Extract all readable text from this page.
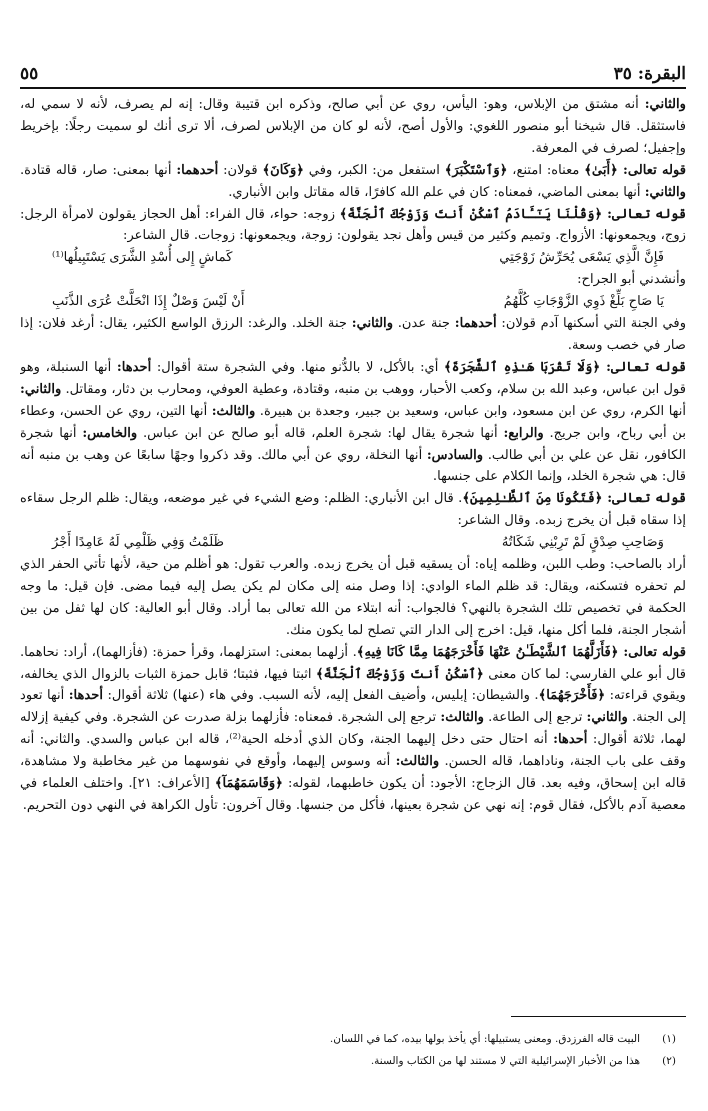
البقرة: ٣٥
٥٥

والثاني: أنه مشتق من الإبلاس، وهو: اليأس، روي عن أبي صالح، وذكره ابن قتيبة وقال: إنه لم يصرف، لأنه لا سمي له، فاستثقل. قال شيخنا أبو منصور اللغوي: والأول أصح، لأنه لو كان من الإبلاس لصرف، ألا ترى أنك لو سميت رجلًا: بإخريط وإجفيل؛ لصرف في المعرفة.

قوله تعالى: ﴿أَبَىٰ﴾ معناه: امتنع، ﴿وَٱسْتَكْبَرَ﴾ استفعل من: الكبر، وفي ﴿وَكَانَ﴾ قولان: أحدهما: أنها بمعنى: صار، قاله قتادة. والثاني: أنها بمعنى الماضي، فمعناه: كان في علم الله كافرًا، قاله مقاتل وابن الأنباري.

قوله تعالى: ﴿وَقُلْنَا يَـٰٓـَٔادَمُ ٱسْكُنْ أَنتَ وَزَوْجُكَ ٱلْجَنَّةَ﴾ زوجه: حواء، قال الفراء: أهل الحجاز يقولون لامرأة الرجل: زوج، ويجمعونها: الأزواج. وتميم وكثير من قيس وأهل نجد يقولون: زوجة، ويجمعونها: زوجات. قال الشاعر:

فَإِنَّ الَّذِي يَسْعَى يُحَرِّشُ زَوْجَتِي
كَماشٍ إِلى أُسْدِ الشَّرَى يَسْتَبِيلُها⁽¹⁾

وأنشدني أبو الجراح:

يَا صَاحِ بَلِّغْ ذَوِي الزَّوْجَاتِ كُلَّهُمُ
أَنْ لَيْسَ وَصْلٌ إِذَا انْحَلَّتْ عُرَى الذَّنَبِ

وفي الجنة التي أسكنها آدم قولان: أحدهما: جنة عدن. والثاني: جنة الخلد. والرغد: الرزق الواسع الكثير، يقال: أرغد فلان: إذا صار في خصب وسعة.

قوله تعالى: ﴿وَلَا تَقْرَبَا هَـٰذِهِ ٱلشَّجَرَةَ﴾ أي: بالأكل، لا بالدُّنو منها. وفي الشجرة ستة أقوال: أحدها: أنها السنبلة، وهو قول ابن عباس، وعبد الله بن سلام، وكعب الأحبار، ووهب بن منبه، وقتادة، وعطية العوفي، ومحارب بن دثار، ومقاتل. والثاني: أنها الكرم، روي عن ابن مسعود، وابن عباس، وسعيد بن جبير، وجعدة بن هبيرة. والثالث: أنها التين، روي عن الحسن، وعطاء بن أبي رباح، وابن جريج. والرابع: أنها شجرة يقال لها: شجرة العلم، قاله أبو صالح عن ابن عباس. والخامس: أنها شجرة الكافور، نقل عن علي بن أبي طالب. والسادس: أنها النخلة، روي عن أبي مالك. وقد ذكروا وجهًا سابعًا عن وهب بن منبه أنه قال: هي شجرة الخلد، وإنما الكلام على جنسها.

قوله تعالى: ﴿فَتَكُونَا مِنَ ٱلظَّـٰلِمِينَ﴾. قال ابن الأنباري: الظلم: وضع الشيء في غير موضعه، ويقال: ظلم الرجل سقاءه إذا سقاه قبل أن يخرج زبده. وقال الشاعر:

وَصَاحِبِ صِدْقٍ لَمْ تَرِبْنِي شَكَاتُهُ
ظَلَمْتُ وَفِي ظَلْمِي لَهُ عَامِدًا أَجْرُ

أراد بالصاحب: وطب اللبن، وظلمه إياه: أن يسقيه قبل أن يخرج زبده. والعرب تقول: هو أظلم من حية، لأنها تأتي الحفر الذي لم تحفره فتسكنه، ويقال: قد ظلم الماء الوادي: إذا وصل منه إلى مكان لم يكن يصل إليه فيما مضى. فإن قيل: ما وجه الحكمة في تخصيص تلك الشجرة بالنهي؟ فالجواب: أنه ابتلاء من الله تعالى بما أراد. وقال أبو العالية: كان لها ثفل من بين أشجار الجنة، فلما أكل منها، قيل: اخرج إلى الدار التي تصلح لما يكون منك.

قوله تعالى: ﴿فَأَزَلَّهُمَا ٱلشَّيْطَـٰنُ عَنْهَا فَأَخْرَجَهُمَا مِمَّا كَانَا فِيهِ﴾. أزلهما بمعنى: استزلهما، وقرأ حمزة: (فأزالهما)، أراد: نحاهما. قال أبو علي الفارسي: لما كان معنى ﴿ٱسْكُنْ أَنتَ وَزَوْجُكَ ٱلْجَنَّةَ﴾ اثبتا فيها، فثبتا؛ قابل حمزة الثبات بالزوال الذي يخالفه، ويقوي قراءته: ﴿فَأَخْرَجَهُمَا﴾. والشيطان: إبليس، وأضيف الفعل إليه، لأنه السبب. وفي هاء (عنها) ثلاثة أقوال: أحدها: أنها تعود إلى الجنة. والثاني: ترجع إلى الطاعة. والثالث: ترجع إلى الشجرة. فمعناه: فأزلهما بزلة صدرت عن الشجرة. وفي كيفية إزلاله لهما، ثلاثة أقوال: أحدها: أنه احتال حتى دخل إليهما الجنة، وكان الذي أدخله الحية⁽²⁾، قاله ابن عباس والسدي. والثاني: أنه وقف على باب الجنة، وناداهما، قاله الحسن. والثالث: أنه وسوس إليهما، وأوقع في نفوسهما من غير مخاطبة ولا مشاهدة، قاله ابن إسحاق، وفيه بعد. قال الزجاج: الأجود: أن يكون خاطبهما، لقوله: ﴿وَقَاسَمَهُمَآ﴾ [الأعراف: ٢١]. واختلف العلماء في معصية آدم بالأكل، فقال قوم: إنه نهي عن شجرة بعينها، فأكل من جنسها. وقال آخرون: تأول الكراهة في النهي دون التحريم.

(١)
البيت قاله الفرزدق. ومعنى يستبيلها: أي يأخذ بولها بيده، كما في اللسان.
(٢)
هذا من الأخبار الإسرائيلية التي لا مستند لها من الكتاب والسنة.
